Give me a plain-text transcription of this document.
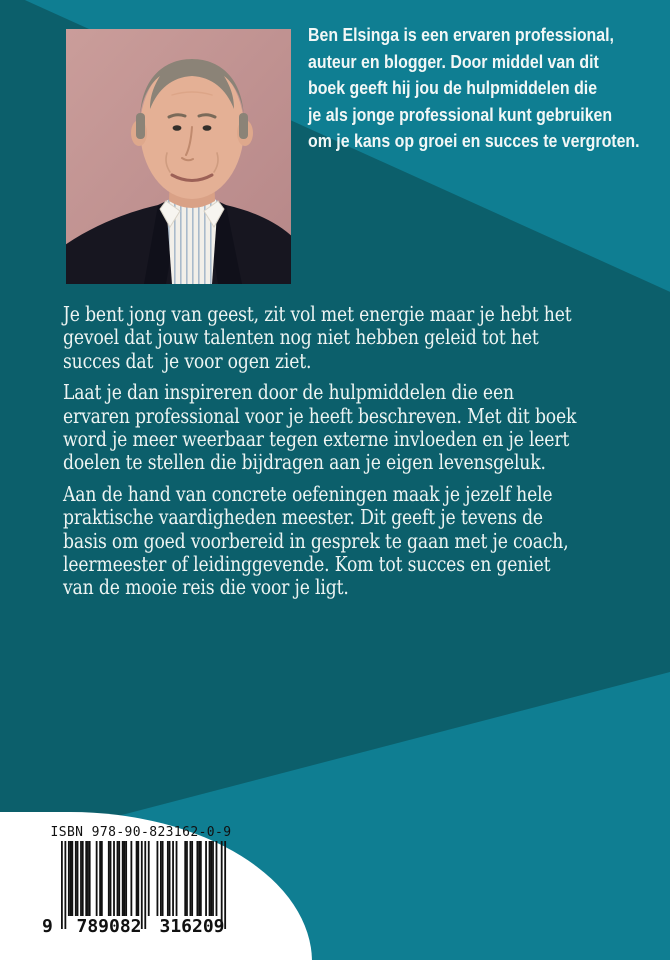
Ben Elsinga is een ervaren professional,
auteur en blogger. Door middel van dit
boek geeft hij jou de hulpmiddelen die
je als jonge professional kunt gebruiken
om je kans op groei en succes te vergroten.
Je bent jong van geest, zit vol met energie maar je hebt het
gevoel dat jouw talenten nog niet hebben geleid tot het
succes dat  je voor ogen ziet.
Laat je dan inspireren door de hulpmiddelen die een
ervaren professional voor je heeft beschreven. Met dit boek
word je meer weerbaar tegen externe invloeden en je leert
doelen te stellen die bijdragen aan je eigen levensgeluk.
Aan de hand van concrete oefeningen maak je jezelf hele
praktische vaardigheden meester. Dit geeft je tevens de
basis om goed voorbereid in gesprek te gaan met je coach,
leermeester of leidinggevende. Kom tot succes en geniet
van de mooie reis die voor je ligt.
ISBN 978-90-823162-0-9
9	789082 316209
